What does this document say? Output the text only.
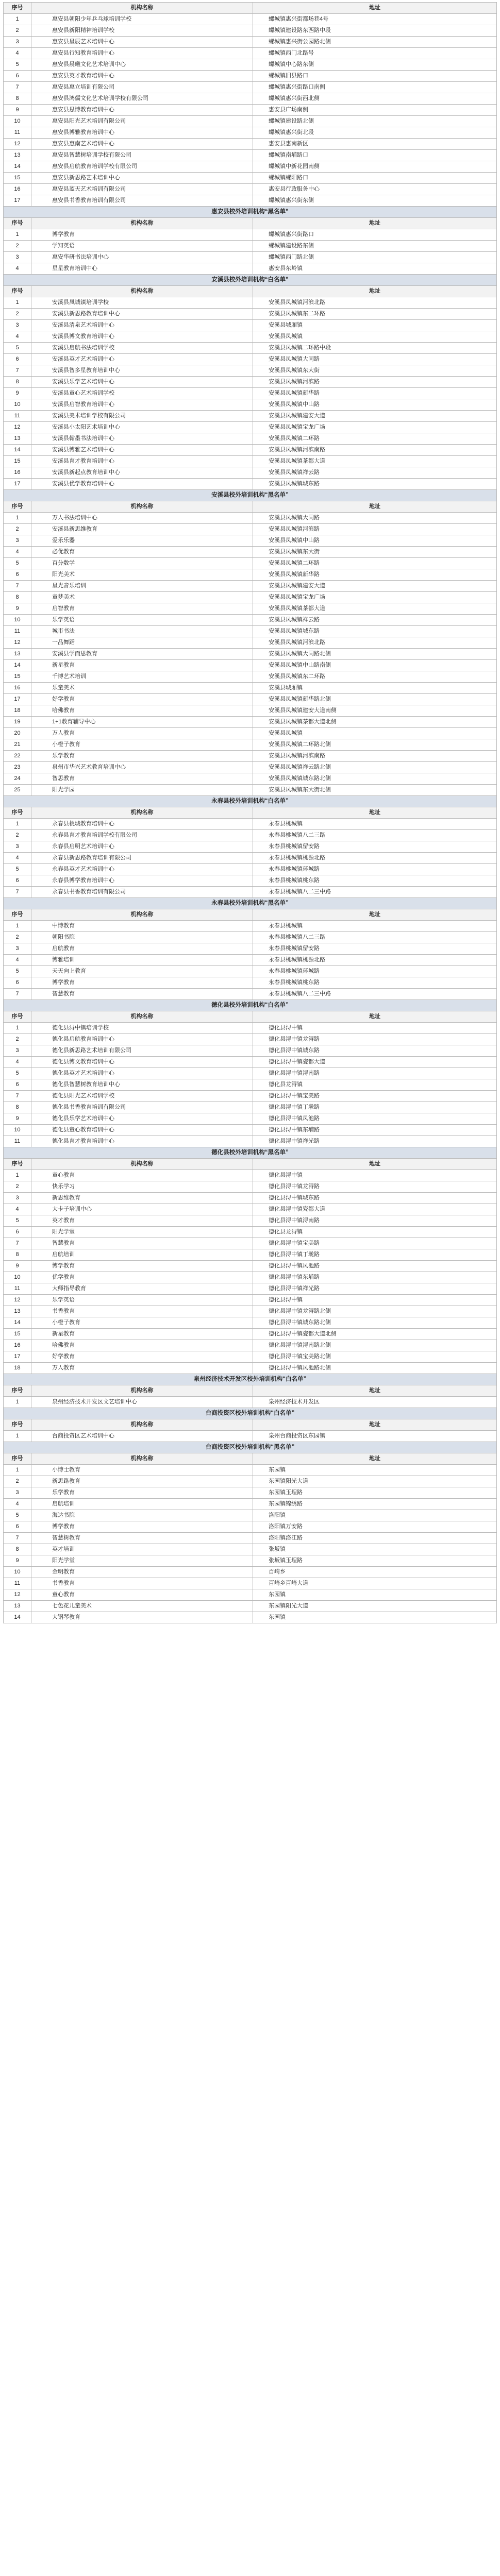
序号	机构名称	地址
1	惠安县朝阳少年乒乓球培训学校	螺城镇惠兴街都场巷4号
2	惠安县新阳精神培训学校	螺城镇建设路东西路中段
3	惠安县星辰艺术培训中心	螺城镇惠兴街公园路北侧
4	惠安县行知教育培训中心	螺城镇西门北路号
5	惠安县晨曦文化艺术培训中心	螺城镇中心路东侧
6	惠安县英才教育培训中心	螺城镇旧县路口
7	惠安县惠立培训有限公司	螺城镇惠兴街路口南侧
8	惠安县鸿儒文化艺术培训学校有限公司	螺城镇惠兴街西北侧
9	惠安县思博教育培训中心	惠安县广场南侧
10	惠安县阳光艺术培训有限公司	螺城镇建设路北侧
11	惠安县博雅教育培训中心	螺城镇惠兴街北段
12	惠安县惠南艺术培训中心	惠安县惠南新区
13	惠安县智慧树培训学校有限公司	螺城镇南埔路口
14	惠安县启航教育培训学校有限公司	螺城镇中新花园南侧
15	惠安县新思路艺术培训中心	螺城镇螺阳路口
16	惠安县蓝天艺术培训有限公司	惠安县行政服务中心
17	惠安县书香教育培训有限公司	螺城镇惠兴街东侧
惠安县校外培训机构“黑名单”		
序号	机构名称	地址
1	博学教育	螺城镇惠兴街路口
2	学知英语	螺城镇建设路东侧
3	惠安华研书法培训中心	螺城镇西门路北侧
4	星星教育培训中心	惠安县东岭镇
安溪县校外培训机构“白名单”		
序号	机构名称	地址
1	安溪县凤城镇培训学校	安溪县凤城镇河滨北路
2	安溪县新思路教育培训中心	安溪县凤城镇东二环路
3	安溪县清泉艺术培训中心	安溪县城厢镇
4	安溪县博文教育培训中心	安溪县凤城镇
5	安溪县启航书法培训学校	安溪县凤城镇二环路中段
6	安溪县英才艺术培训中心	安溪县凤城镇大同路
7	安溪县智多星教育培训中心	安溪县凤城镇东大街
8	安溪县乐学艺术培训中心	安溪县凤城镇河滨路
9	安溪县童心艺术培训学校	安溪县凤城镇新华路
10	安溪县启智教育培训中心	安溪县凤城镇中山路
11	安溪县美术培训学校有限公司	安溪县凤城镇建安大道
12	安溪县小太阳艺术培训中心	安溪县凤城镇宝龙广场
13	安溪县翰墨书法培训中心	安溪县凤城镇二环路
14	安溪县博雅艺术培训中心	安溪县凤城镇河滨南路
15	安溪县育才教育培训中心	安溪县凤城镇茶都大道
16	安溪县新起点教育培训中心	安溪县凤城镇祥云路
17	安溪县优学教育培训中心	安溪县凤城镇城东路
安溪县校外培训机构“黑名单”		
序号	机构名称	地址
1	万人书法培训中心	安溪县凤城镇大同路
2	安溪县新思维教育	安溪县凤城镇河滨路
3	爱乐乐器	安溪县凤城镇中山路
4	必优教育	安溪县凤城镇东大街
5	百分数学	安溪县凤城镇二环路
6	阳光美术	安溪县凤城镇新华路
7	星光音乐培训	安溪县凤城镇建安大道
8	童梦美术	安溪县凤城镇宝龙广场
9	启智教育	安溪县凤城镇茶都大道
10	乐学英语	安溪县凤城镇祥云路
11	城市书法	安溪县凤城镇城东路
12	一品舞蹈	安溪县凤城镇河滨北路
13	安溪县学而思教育	安溪县凤城镇大同路北侧
14	新星教育	安溪县凤城镇中山路南侧
15	千博艺术培训	安溪县凤城镇东二环路
16	乐童美术	安溪县城厢镇
17	好学教育	安溪县凤城镇新华路北侧
18	哈佛教育	安溪县凤城镇建安大道南侧
19	1+1教育辅导中心	安溪县凤城镇茶都大道北侧
20	万人教育	安溪县凤城镇
21	小橙子教育	安溪县凤城镇二环路北侧
22	乐学教育	安溪县凤城镇河滨南路
23	泉州市华兴艺术教育培训中心	安溪县凤城镇祥云路北侧
24	智思教育	安溪县凤城镇城东路北侧
25	阳光学园	安溪县凤城镇东大街北侧
永春县校外培训机构“白名单”		
序号	机构名称	地址
1	永春县桃城教育培训中心	永春县桃城镇
2	永春县育才教育培训学校有限公司	永春县桃城镇八二三路
3	永春县启明艺术培训中心	永春县桃城镇留安路
4	永春县新思路教育培训有限公司	永春县桃城镇桃源北路
5	永春县英才艺术培训中心	永春县桃城镇环城路
6	永春县博学教育培训中心	永春县桃城镇桃东路
7	永春县书香教育培训有限公司	永春县桃城镇八二三中路
永春县校外培训机构“黑名单”		
序号	机构名称	地址
1	中博教育	永春县桃城镇
2	朝阳书院	永春县桃城镇八二三路
3	启航教育	永春县桃城镇留安路
4	博雅培训	永春县桃城镇桃源北路
5	天天向上教育	永春县桃城镇环城路
6	博学教育	永春县桃城镇桃东路
7	智慧教育	永春县桃城镇八二三中路
德化县校外培训机构“白名单”		
序号	机构名称	地址
1	德化县浔中镇培训学校	德化县浔中镇
2	德化县启航教育培训中心	德化县浔中镇龙浔路
3	德化县新思路艺术培训有限公司	德化县浔中镇城东路
4	德化县博文教育培训中心	德化县浔中镇瓷都大道
5	德化县英才艺术培训中心	德化县浔中镇浔南路
6	德化县智慧树教育培训中心	德化县龙浔镇
7	德化县阳光艺术培训学校	德化县浔中镇宝美路
8	德化县书香教育培训有限公司	德化县浔中镇丁墘路
9	德化县乐学艺术培训中心	德化县浔中镇凤池路
10	德化县童心教育培训中心	德化县浔中镇东埔路
11	德化县育才教育培训中心	德化县浔中镇祥光路
德化县校外培训机构“黑名单”		
序号	机构名称	地址
1	童心教育	德化县浔中镇
2	快乐学习	德化县浔中镇龙浔路
3	新思维教育	德化县浔中镇城东路
4	大卡子培训中心	德化县浔中镇瓷都大道
5	英才教育	德化县浔中镇浔南路
6	阳光学堂	德化县龙浔镇
7	智慧教育	德化县浔中镇宝美路
8	启航培训	德化县浔中镇丁墘路
9	博学教育	德化县浔中镇凤池路
10	优学教育	德化县浔中镇东埔路
11	大师指导教育	德化县浔中镇祥光路
12	乐学英语	德化县浔中镇
13	书香教育	德化县浔中镇龙浔路北侧
14	小橙子教育	德化县浔中镇城东路北侧
15	新星教育	德化县浔中镇瓷都大道北侧
16	哈佛教育	德化县浔中镇浔南路北侧
17	好学教育	德化县浔中镇宝美路北侧
18	万人教育	德化县浔中镇凤池路北侧
泉州经济技术开发区校外培训机构“白名单”		
序号	机构名称	地址
1	泉州经济技术开发区文艺培训中心	泉州经济技术开发区
台商投资区校外培训机构“白名单”		
序号	机构名称	地址
1	台商投资区艺术培训中心	泉州台商投资区东园镇
台商投资区校外培训机构“黑名单”		
序号	机构名称	地址
1	小博士教育	东园镇
2	新思路教育	东园镇阳光大道
3	乐学教育	东园镇玉埕路
4	启航培训	东园镇锦绣路
5	海达书院	洛阳镇
6	博学教育	洛阳镇万安路
7	智慧树教育	洛阳镇洛江路
8	英才培训	张坂镇
9	阳光学堂	张坂镇玉埕路
10	金明教育	百崎乡
11	书香教育	百崎乡百崎大道
12	童心教育	东园镇
13	七色花儿童美术	东园镇阳光大道
14	大钢琴教育	东园镇
